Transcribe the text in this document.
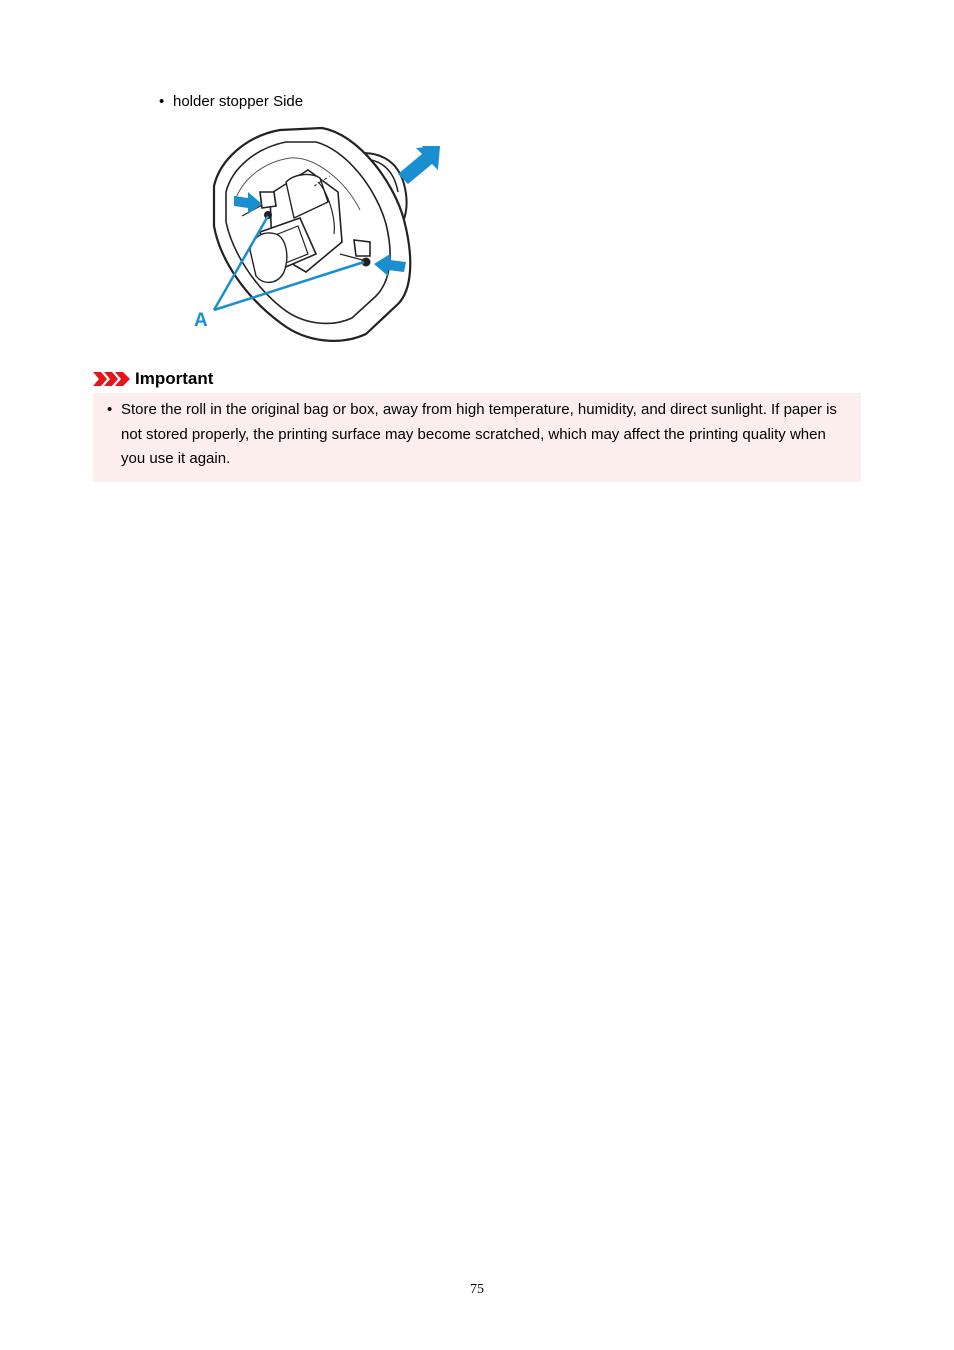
• holder stopper Side
A
Important
• Store the roll in the original bag or box, away from high temperature, humidity, and direct sunlight. If paper is not stored properly, the printing surface may become scratched, which may affect the printing quality when you use it again.
75
